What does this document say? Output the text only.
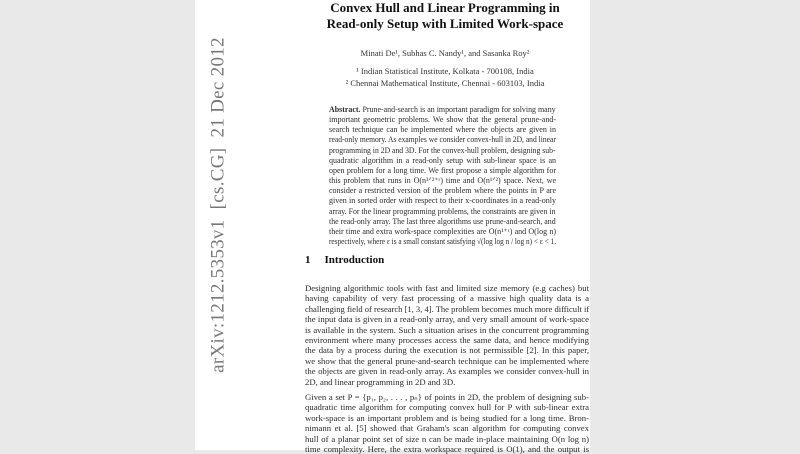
arXiv:1212.5353v1  [cs.CG]  21 Dec 2012
Convex Hull and Linear Programming in
Read-only Setup with Limited Work-space
Minati De¹, Subhas C. Nandy¹, and Sasanka Roy²
¹ Indian Statistical Institute, Kolkata - 700108, India
² Chennai Mathematical Institute, Chennai - 603103, India
Abstract. Prune-and-search is an important paradigm for solving many
important geometric problems. We show that the general prune-and-
search technique can be implemented where the objects are given in
read-only memory. As examples we consider convex-hull in 2D, and linear
programming in 2D and 3D. For the convex-hull problem, designing sub-
quadratic algorithm in a read-only setup with sub-linear space is an
open problem for a long time. We first propose a simple algorithm for
this problem that runs in O(n³ᐟ²⁺ᵋ) time and O(n¹ᐟ²) space. Next, we
consider a restricted version of the problem where the points in P are
given in sorted order with respect to their x-coordinates in a read-only
array. For the linear programming problems, the constraints are given in
the read-only array. The last three algorithms use prune-and-search, and
their time and extra work-space complexities are O(n¹⁺ᵋ) and O(log n)
respectively, where ε is a small constant satisfying √(log log n / log n) < ε < 1.
1 Introduction
Designing algorithmic tools with fast and limited size memory (e.g caches) but
having capability of very fast processing of a massive high quality data is a
challenging field of research [1, 3, 4]. The problem becomes much more difficult if
the input data is given in a read-only array, and very small amount of work-space
is available in the system. Such a situation arises in the concurrent programming
environment where many processes access the same data, and hence modifying
the data by a process during the execution is not permissible [2]. In this paper,
we show that the general prune-and-search technique can be implemented where
the objects are given in read-only array. As examples we consider convex-hull in
2D, and linear programming in 2D and 3D.
Given a set P = {p₁, p₂, . . . , pₙ} of points in 2D, the problem of designing sub-
quadratic time algorithm for computing convex hull for P with sub-linear extra
work-space is an important problem and is being studied for a long time. Bron-
nimann et al. [5] showed that Graham's scan algorithm for computing convex
hull of a planar point set of size n can be made in-place maintaining O(n log n)
time complexity. Here, the extra workspace required is O(1), and the output is
